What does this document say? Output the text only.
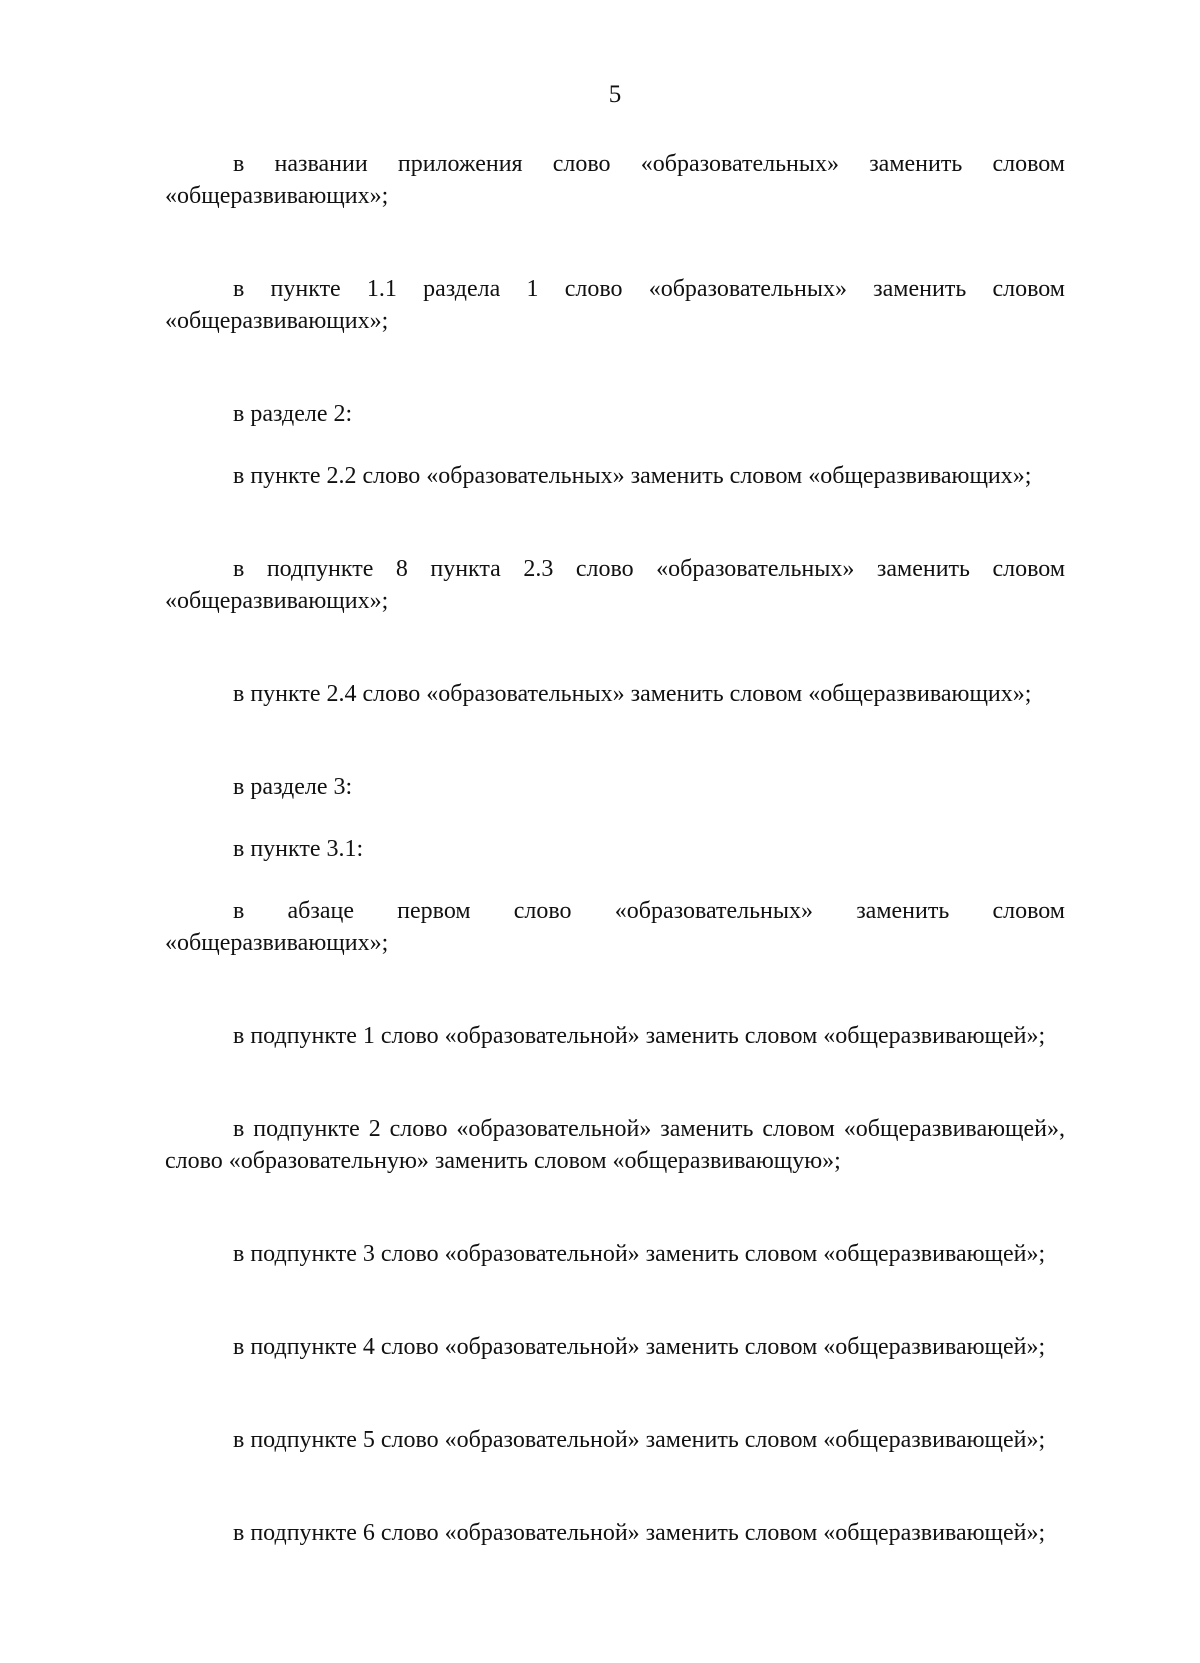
5

в названии приложения слово «образовательных» заменить словом «общеразвивающих»;

в пункте 1.1 раздела 1 слово «образовательных» заменить словом «общеразвивающих»;

в разделе 2:

в пункте 2.2 слово «образовательных» заменить словом «общеразвивающих»;

в подпункте 8 пункта 2.3 слово «образовательных» заменить словом «общеразвивающих»;

в пункте 2.4 слово «образовательных» заменить словом «общеразвивающих»;

в разделе 3:

в пункте 3.1:

в абзаце первом слово «образовательных» заменить словом «общеразвивающих»;

в подпункте 1 слово «образовательной» заменить словом «общеразвивающей»;

в подпункте 2 слово «образовательной» заменить словом «общеразвивающей», слово «образовательную» заменить словом «общеразвивающую»;

в подпункте 3 слово «образовательной» заменить словом «общеразвивающей»;

в подпункте 4 слово «образовательной» заменить словом «общеразвивающей»;

в подпункте 5 слово «образовательной» заменить словом «общеразвивающей»;

в подпункте 6 слово «образовательной» заменить словом «общеразвивающей»;
